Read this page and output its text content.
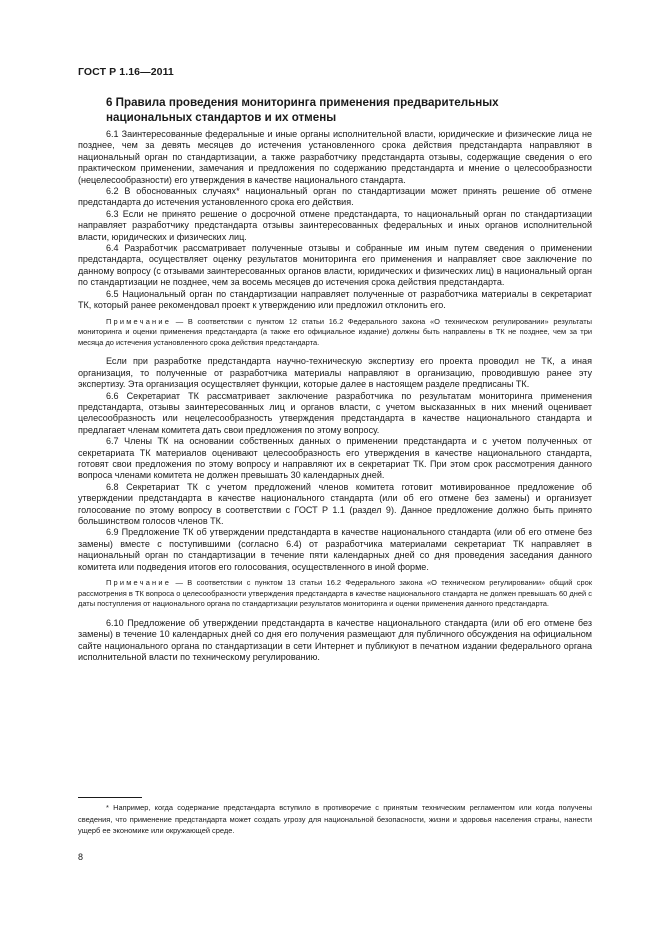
ГОСТ Р 1.16—2011
6 Правила проведения мониторинга применения предварительных национальных стандартов и их отмены

6.1 Заинтересованные федеральные и иные органы исполнительной власти, юридические и физические лица не позднее, чем за девять месяцев до истечения установленного срока действия предстандарта направляют в национальный орган по стандартизации, а также разработчику предстандарта отзывы, содержащие сведения о его практическом применении, замечания и предложения по содержанию предстандарта и мнение о целесообразности (нецелесообразности) его утверждения в качестве национального стандарта.

6.2 В обоснованных случаях* национальный орган по стандартизации может принять решение об отмене предстандарта до истечения установленного срока его действия.

6.3 Если не принято решение о досрочной отмене предстандарта, то национальный орган по стандартизации направляет разработчику предстандарта отзывы заинтересованных федеральных и иных органов исполнительной власти, юридических и физических лиц.

6.4 Разработчик рассматривает полученные отзывы и собранные им иным путем сведения о применении предстандарта, осуществляет оценку результатов мониторинга его применения и направляет свое заключение по данному вопросу (с отзывами заинтересованных органов власти, юридических и физических лиц) в национальный орган по стандартизации не позднее, чем за восемь месяцев до истечения срока действия предстандарта.

6.5 Национальный орган по стандартизации направляет полученные от разработчика материалы в секретариат ТК, который ранее рекомендовал проект к утверждению или предложил отклонить его.

Примечание — В соответствии с пунктом 12 статьи 16.2 Федерального закона «О техническом регулировании» результаты мониторинга и оценки применения предстандарта (а также его официальное издание) должны быть направлены в ТК не позднее, чем за три месяца до истечения установленного срока действия предстандарта.

Если при разработке предстандарта научно-техническую экспертизу его проекта проводил не ТК, а иная организация, то полученные от разработчика материалы направляют в организацию, проводившую ранее эту экспертизу. Эта организация осуществляет функции, которые далее в настоящем разделе предписаны ТК.

6.6 Секретариат ТК рассматривает заключение разработчика по результатам мониторинга применения предстандарта, отзывы заинтересованных лиц и органов власти, с учетом высказанных в них мнений оценивает целесообразность или нецелесообразность утверждения предстандарта в качестве национального стандарта и предлагает членам комитета дать свои предложения по этому вопросу.

6.7 Члены ТК на основании собственных данных о применении предстандарта и с учетом полученных от секретариата ТК материалов оценивают целесообразность его утверждения в качестве национального стандарта, готовят свои предложения по этому вопросу и направляют их в секретариат ТК. При этом срок рассмотрения данного вопроса членами комитета не должен превышать 30 календарных дней.

6.8 Секретариат ТК с учетом предложений членов комитета готовит мотивированное предложение об утверждении предстандарта в качестве национального стандарта (или об его отмене без замены) и организует голосование по этому вопросу в соответствии с ГОСТ Р 1.1 (раздел 9). Данное предложение должно быть принято большинством голосов членов ТК.

6.9 Предложение ТК об утверждении предстандарта в качестве национального стандарта (или об его отмене без замены) вместе с поступившими (согласно 6.4) от разработчика материалами секретариат ТК направляет в национальный орган по стандартизации в течение пяти календарных дней со дня проведения заседания данного комитета или подведения итогов его голосования, осуществленного в иной форме.

Примечание — В соответствии с пунктом 13 статьи 16.2 Федерального закона «О техническом регулировании» общий срок рассмотрения в ТК вопроса о целесообразности утверждения предстандарта в качестве национального стандарта не должен превышать 60 дней с даты поступления от национального органа по стандартизации результатов мониторинга и оценки применения данного предстандарта.

6.10 Предложение об утверждении предстандарта в качестве национального стандарта (или об его отмене без замены) в течение 10 календарных дней со дня его получения размещают для публичного обсуждения на официальном сайте национального органа по стандартизации в сети Интернет и публикуют в печатном издании федерального органа исполнительной власти по техническому регулированию.

* Например, когда содержание предстандарта вступило в противоречие с принятым техническим регламентом или когда получены сведения, что применение предстандарта может создать угрозу для национальной безопасности, жизни и здоровья населения страны, нанести ущерб ее экономике или окружающей среде.

8
